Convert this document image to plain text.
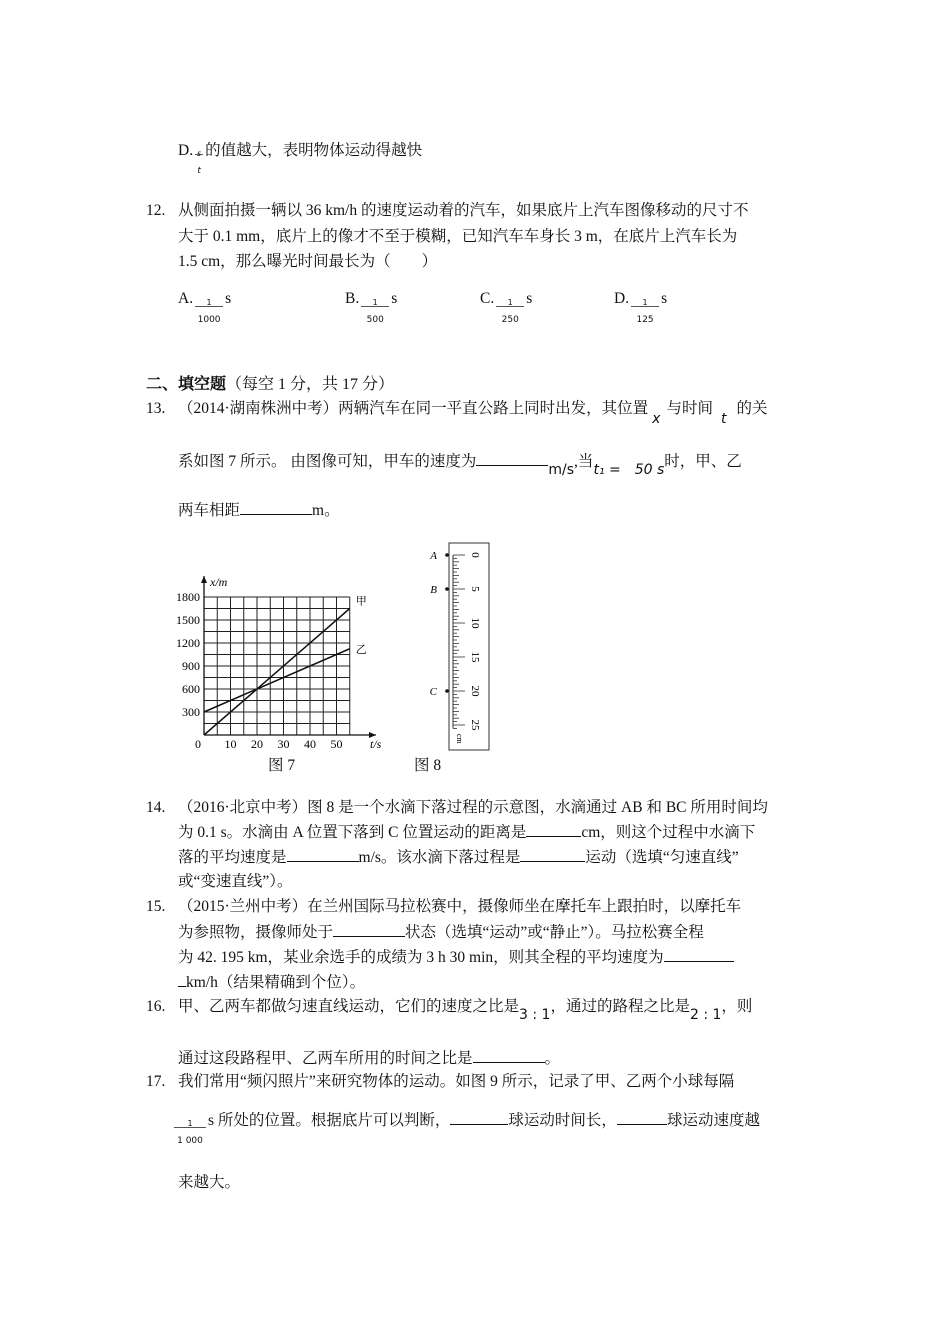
D. $\frac{s}{t}$ 的值越大，表明物体运动得越快
12. 从侧面拍摄一辆以 36 km/h 的速度运动着的汽车，如果底片上汽车图像移动的尺寸不
大于 0.1 mm，底片上的像才不至于模糊，已知汽车车身长 3 m，在底片上汽车长为
1.5 cm，那么曝光时间最长为（　　）
A. $\frac{1}{1000}$ s	B. $\frac{1}{500}$ s	C. $\frac{1}{250}$ s	D. $\frac{1}{125}$ s
二、填空题（每空 1 分，共 17 分）
13. （2014·湖南株洲中考）两辆汽车在同一平直公路上同时出发，其位置x与时间t的关
系如图 7 所示。 由图像可知，甲车的速度为	m/s,当t₁ =　50 s时，甲、乙
两车相距	m。
1800
1500
1200
900
600
300
0 10 20 30 40 50
x/m
t/s
甲
乙
图 7
0
5
10
15
20
25
cm
A
B
C
图 8
14. （2016·北京中考）图 8 是一个水滴下落过程的示意图，水滴通过 AB 和 BC 所用时间均
为 0.1 s。水滴由 A 位置下落到 C 位置运动的距离是	cm，则这个过程中水滴下
落的平均速度是	m/s。该水滴下落过程是	运动（选填“匀速直线”
或“变速直线”）。
15. （2015·兰州中考）在兰州国际马拉松赛中，摄像师坐在摩托车上跟拍时，以摩托车
为参照物，摄像师处于	状态（选填“运动”或“静止”）。马拉松赛全程
为 42. 195 km，某业余选手的成绩为 3 h 30 min，则其全程的平均速度为
km/h（结果精确到个位）。
16. 甲、乙两车都做匀速直线运动，它们的速度之比是3 : 1，通过的路程之比是2 : 1，则
通过这段路程甲、乙两车所用的时间之比是	。
17. 我们常用“频闪照片”来研究物体的运动。如图 9 所示，记录了甲、乙两个小球每隔
$\frac{1}{1 000}$ s 所处的位置。根据底片可以判断，	球运动时间长，	球运动速度越
来越大。
